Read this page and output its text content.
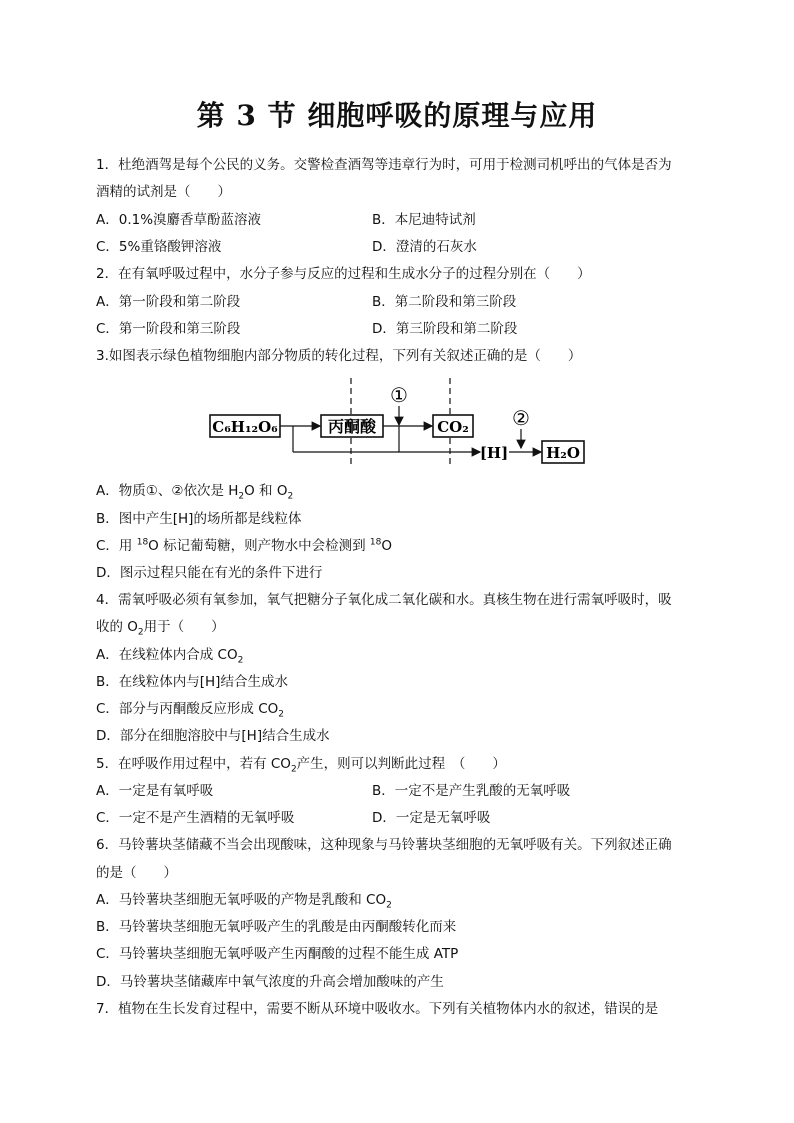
第 3 节 细胞呼吸的原理与应用
1．杜绝酒驾是每个公民的义务。交警检查酒驾等违章行为时，可用于检测司机呼出的气体是否为
酒精的试剂是（　　）
A．0.1%溴麝香草酚蓝溶液	B．本尼迪特试剂
C．5%重铬酸钾溶液	D．澄清的石灰水
2．在有氧呼吸过程中，水分子参与反应的过程和生成水分子的过程分别在（　　）
A．第一阶段和第二阶段	B．第二阶段和第三阶段
C．第一阶段和第三阶段	D．第三阶段和第二阶段
3.如图表示绿色植物细胞内部分物质的转化过程，下列有关叙述正确的是（　　）
C₆H₁₂O₆	丙酮酸	CO₂
H₂O
[H]
①
②
A．物质①、②依次是 $H_2O$ 和 $O_2$
B．图中产生[H]的场所都是线粒体
C．用 $^{18}$O 标记葡萄糖，则产物水中会检测到 $^{18}$O
D．图示过程只能在有光的条件下进行
4．需氧呼吸必须有氧参加，氧气把糖分子氧化成二氧化碳和水。真核生物在进行需氧呼吸时，吸
收的 $O_2$用于（　　）
A．在线粒体内合成 $CO_2$
B．在线粒体内与[H]结合生成水
C．部分与丙酮酸反应形成 $CO_2$
D．部分在细胞溶胶中与[H]结合生成水
5．在呼吸作用过程中，若有 $CO_2$产生，则可以判断此过程　（　　）
A．一定是有氧呼吸	B．一定不是产生乳酸的无氧呼吸
C．一定不是产生酒精的无氧呼吸	D．一定是无氧呼吸
6．马铃薯块茎储藏不当会出现酸味，这种现象与马铃薯块茎细胞的无氧呼吸有关。下列叙述正确
的是（　　）
A．马铃薯块茎细胞无氧呼吸的产物是乳酸和 $CO_2$
B．马铃薯块茎细胞无氧呼吸产生的乳酸是由丙酮酸转化而来
C．马铃薯块茎细胞无氧呼吸产生丙酮酸的过程不能生成 ATP
D．马铃薯块茎储藏库中氧气浓度的升高会增加酸味的产生
7．植物在生长发育过程中，需要不断从环境中吸收水。下列有关植物体内水的叙述，错误的是
